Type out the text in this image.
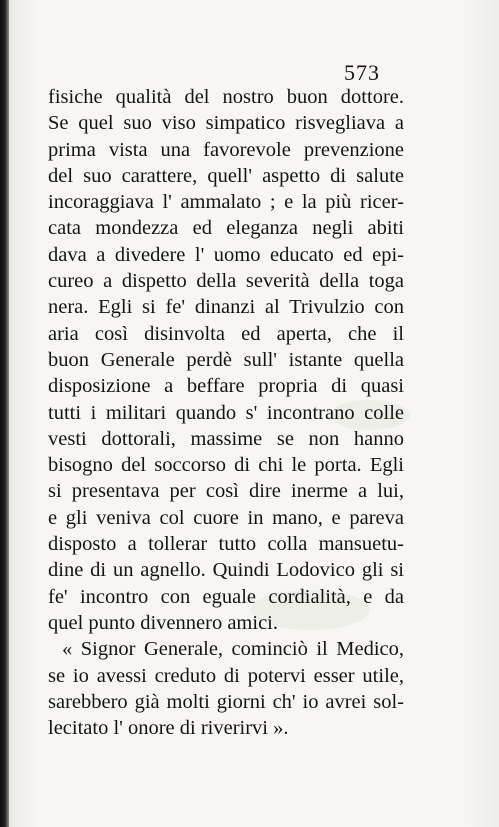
573
fisiche qualità del nostro buon dottore.
Se quel suo viso simpatico risvegliava a
prima vista una favorevole prevenzione
del suo carattere, quell' aspetto di salute
incoraggiava l' ammalato ; e la più ricer-
cata mondezza ed eleganza negli abiti
dava a divedere l' uomo educato ed epi-
cureo a dispetto della severità della toga
nera. Egli si fe' dinanzi al Trivulzio con
aria così disinvolta ed aperta, che il
buon Generale perdè sull' istante quella
disposizione a beffare propria di quasi
tutti i militari quando s' incontrano colle
vesti dottorali, massime se non hanno
bisogno del soccorso di chi le porta. Egli
si presentava per così dire inerme a lui,
e gli veniva col cuore in mano, e pareva
disposto a tollerar tutto colla mansuetu-
dine di un agnello. Quindi Lodovico gli si
fe' incontro con eguale cordialità, e da
quel punto divennero amici.
« Signor Generale, cominciò il Medico,
se io avessi creduto di potervi esser utile,
sarebbero già molti giorni ch' io avrei sol-
lecitato l' onore di riverirvi ».
